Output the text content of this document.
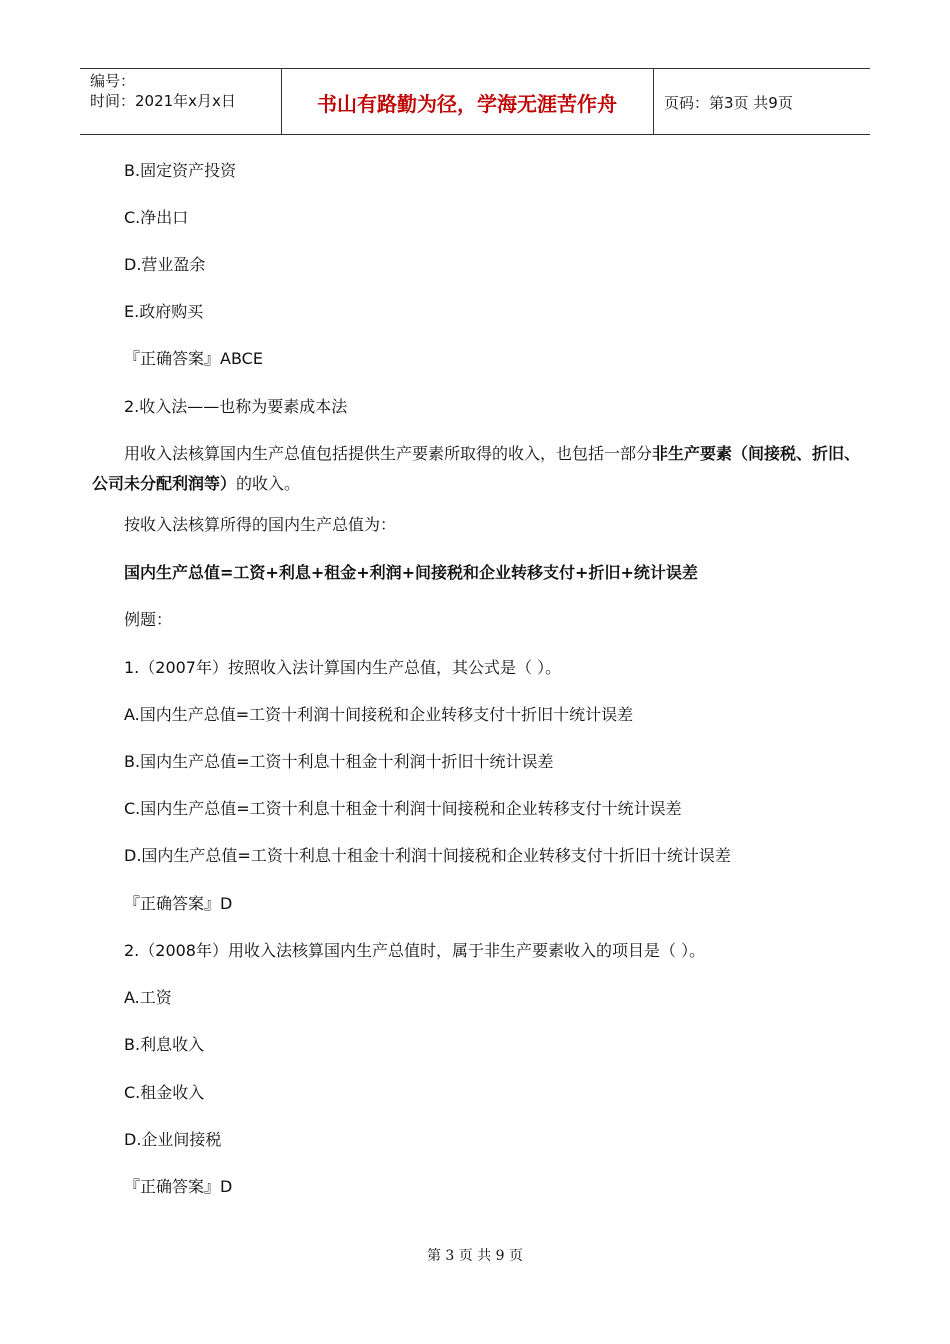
编号：
时间：2021年x月x日	书山有路勤为径，学海无涯苦作舟	页码：第3页 共9页
B.固定资产投资
C.净出口
D.营业盈余
E.政府购买
『正确答案』ABCE
2.收入法——也称为要素成本法
用收入法核算国内生产总值包括提供生产要素所取得的收入，也包括一部分非生产要素（间接税、折旧、公司未分配利润等）的收入。
按收入法核算所得的国内生产总值为：
国内生产总值=工资+利息+租金+利润+间接税和企业转移支付+折旧+统计误差
例题：
1.（2007年）按照收入法计算国内生产总值，其公式是（ ）。
A.国内生产总值=工资十利润十间接税和企业转移支付十折旧十统计误差
B.国内生产总值=工资十利息十租金十利润十折旧十统计误差
C.国内生产总值=工资十利息十租金十利润十间接税和企业转移支付十统计误差
D.国内生产总值=工资十利息十租金十利润十间接税和企业转移支付十折旧十统计误差
『正确答案』D
2.（2008年）用收入法核算国内生产总值时，属于非生产要素收入的项目是（ ）。
A.工资
B.利息收入
C.租金收入
D.企业间接税
『正确答案』D
第 3 页 共 9 页
